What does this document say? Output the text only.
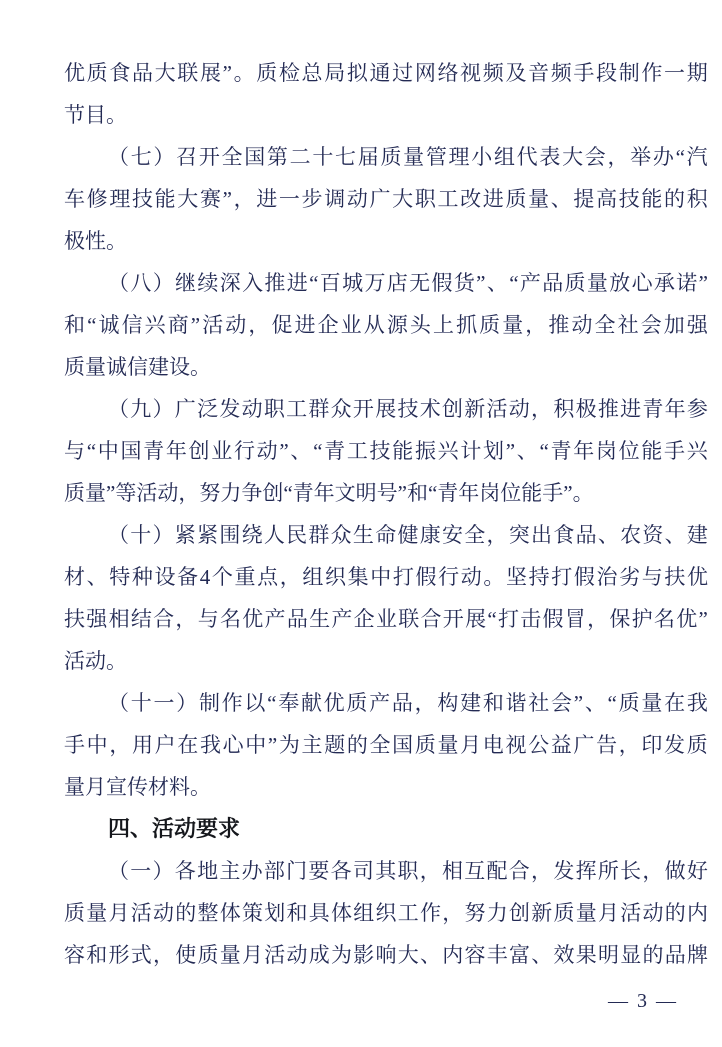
优 质 食 品 大 联 展 ” 。 质 检 总 局 拟 通 过 网 络 视 频 及 音 频 手 段 制 作 一 期
节目。
（ 七 ） 召 开 全 国 第 二 十 七 届 质 量 管 理 小 组 代 表 大 会 ， 举 办 “ 汽
车 修 理 技 能 大 赛 ” ， 进 一 步 调 动 广 大 职 工 改 进 质 量 、 提 高 技 能 的 积
极性。
（ 八 ） 继 续 深 入 推 进 “ 百 城 万 店 无 假 货 ” 、 “ 产 品 质 量 放 心 承 诺 ”
和 “ 诚 信 兴 商 ” 活 动 ， 促 进 企 业 从 源 头 上 抓 质 量 ， 推 动 全 社 会 加 强
质量诚信建设。
（ 九 ） 广 泛 发 动 职 工 群 众 开 展 技 术 创 新 活 动 ， 积 极 推 进 青 年 参
与 “ 中 国 青 年 创 业 行 动 ” 、 “ 青 工 技 能 振 兴 计 划 ” 、 “ 青 年 岗 位 能 手 兴
质量”等活动，努力争创“青年文明号”和“青年岗位能手”。
（ 十 ） 紧 紧 围 绕 人 民 群 众 生 命 健 康 安 全 ， 突 出 食 品 、 农 资 、 建
材 、 特 种 设 备 4 个 重 点 ， 组 织 集 中 打 假 行 动 。 坚 持 打 假 治 劣 与 扶 优
扶 强 相 结 合 ， 与 名 优 产 品 生 产 企 业 联 合 开 展 “ 打 击 假 冒 ， 保 护 名 优 ”
活动。
（ 十 一 ） 制 作 以 “ 奉 献 优 质 产 品 ， 构 建 和 谐 社 会 ” 、 “ 质 量 在 我
手 中 ， 用 户 在 我 心 中 ” 为 主 题 的 全 国 质 量 月 电 视 公 益 广 告 ， 印 发 质
量月宣传材料。
四、活动要求
（ 一 ） 各 地 主 办 部 门 要 各 司 其 职 ， 相 互 配 合 ， 发 挥 所 长 ， 做 好
质 量 月 活 动 的 整 体 策 划 和 具 体 组 织 工 作 ， 努 力 创 新 质 量 月 活 动 的 内
容 和 形 式 ， 使 质 量 月 活 动 成 为 影 响 大 、 内 容 丰 富 、 效 果 明 显 的 品 牌
— 3 —
